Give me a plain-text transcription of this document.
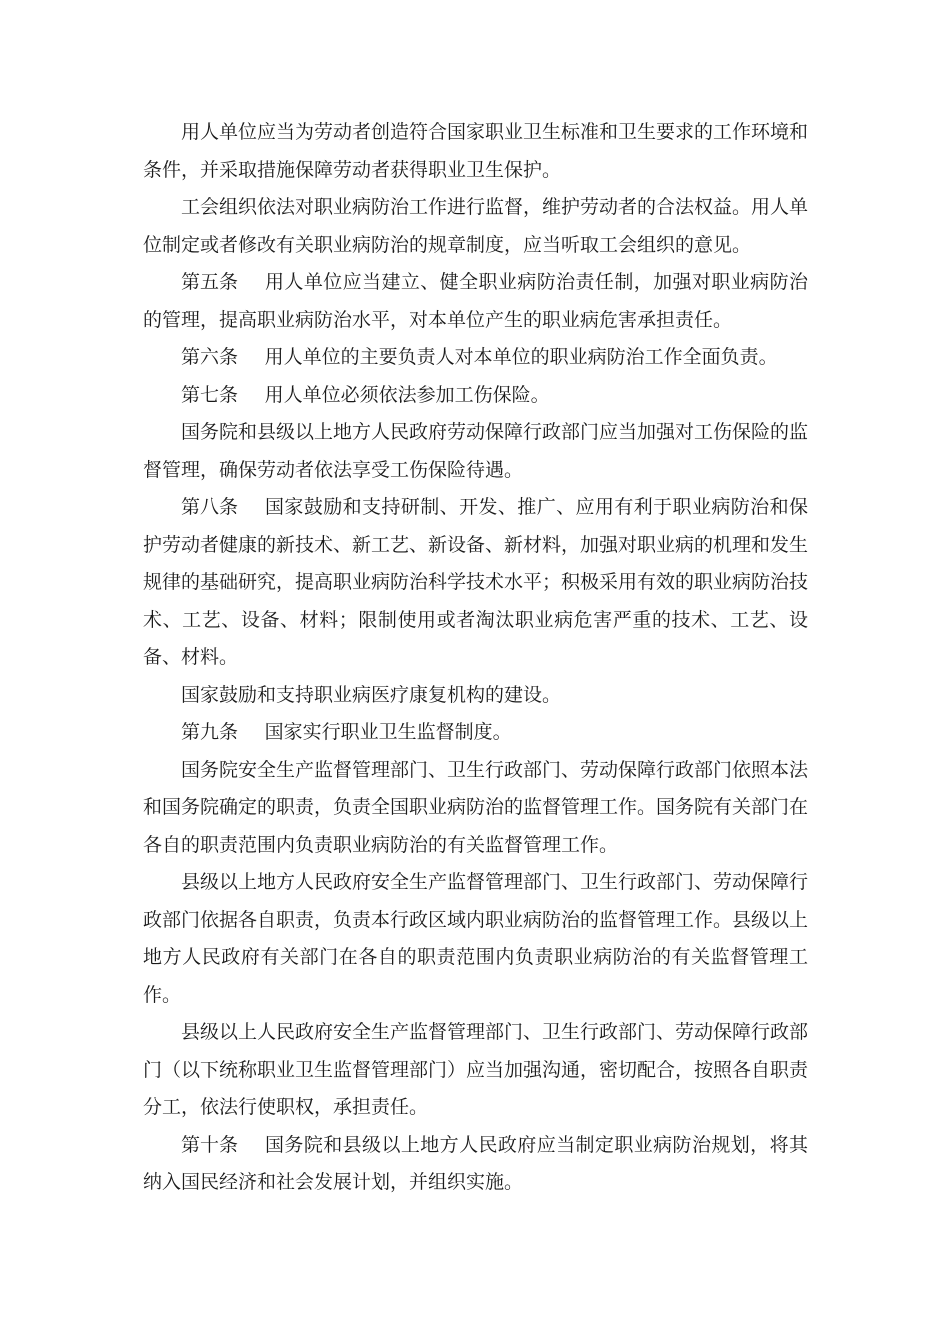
用人单位应当为劳动者创造符合国家职业卫生标准和卫生要求的工作环境和条件，并采取措施保障劳动者获得职业卫生保护。

工会组织依法对职业病防治工作进行监督，维护劳动者的合法权益。用人单位制定或者修改有关职业病防治的规章制度，应当听取工会组织的意见。

第五条 用人单位应当建立、健全职业病防治责任制，加强对职业病防治的管理，提高职业病防治水平，对本单位产生的职业病危害承担责任。

第六条 用人单位的主要负责人对本单位的职业病防治工作全面负责。

第七条 用人单位必须依法参加工伤保险。

国务院和县级以上地方人民政府劳动保障行政部门应当加强对工伤保险的监督管理，确保劳动者依法享受工伤保险待遇。

第八条 国家鼓励和支持研制、开发、推广、应用有利于职业病防治和保护劳动者健康的新技术、新工艺、新设备、新材料，加强对职业病的机理和发生规律的基础研究，提高职业病防治科学技术水平；积极采用有效的职业病防治技术、工艺、设备、材料；限制使用或者淘汰职业病危害严重的技术、工艺、设备、材料。

国家鼓励和支持职业病医疗康复机构的建设。

第九条 国家实行职业卫生监督制度。

国务院安全生产监督管理部门、卫生行政部门、劳动保障行政部门依照本法和国务院确定的职责，负责全国职业病防治的监督管理工作。国务院有关部门在各自的职责范围内负责职业病防治的有关监督管理工作。

县级以上地方人民政府安全生产监督管理部门、卫生行政部门、劳动保障行政部门依据各自职责，负责本行政区域内职业病防治的监督管理工作。县级以上地方人民政府有关部门在各自的职责范围内负责职业病防治的有关监督管理工作。

县级以上人民政府安全生产监督管理部门、卫生行政部门、劳动保障行政部门（以下统称职业卫生监督管理部门）应当加强沟通，密切配合，按照各自职责分工，依法行使职权，承担责任。

第十条 国务院和县级以上地方人民政府应当制定职业病防治规划，将其纳入国民经济和社会发展计划，并组织实施。
